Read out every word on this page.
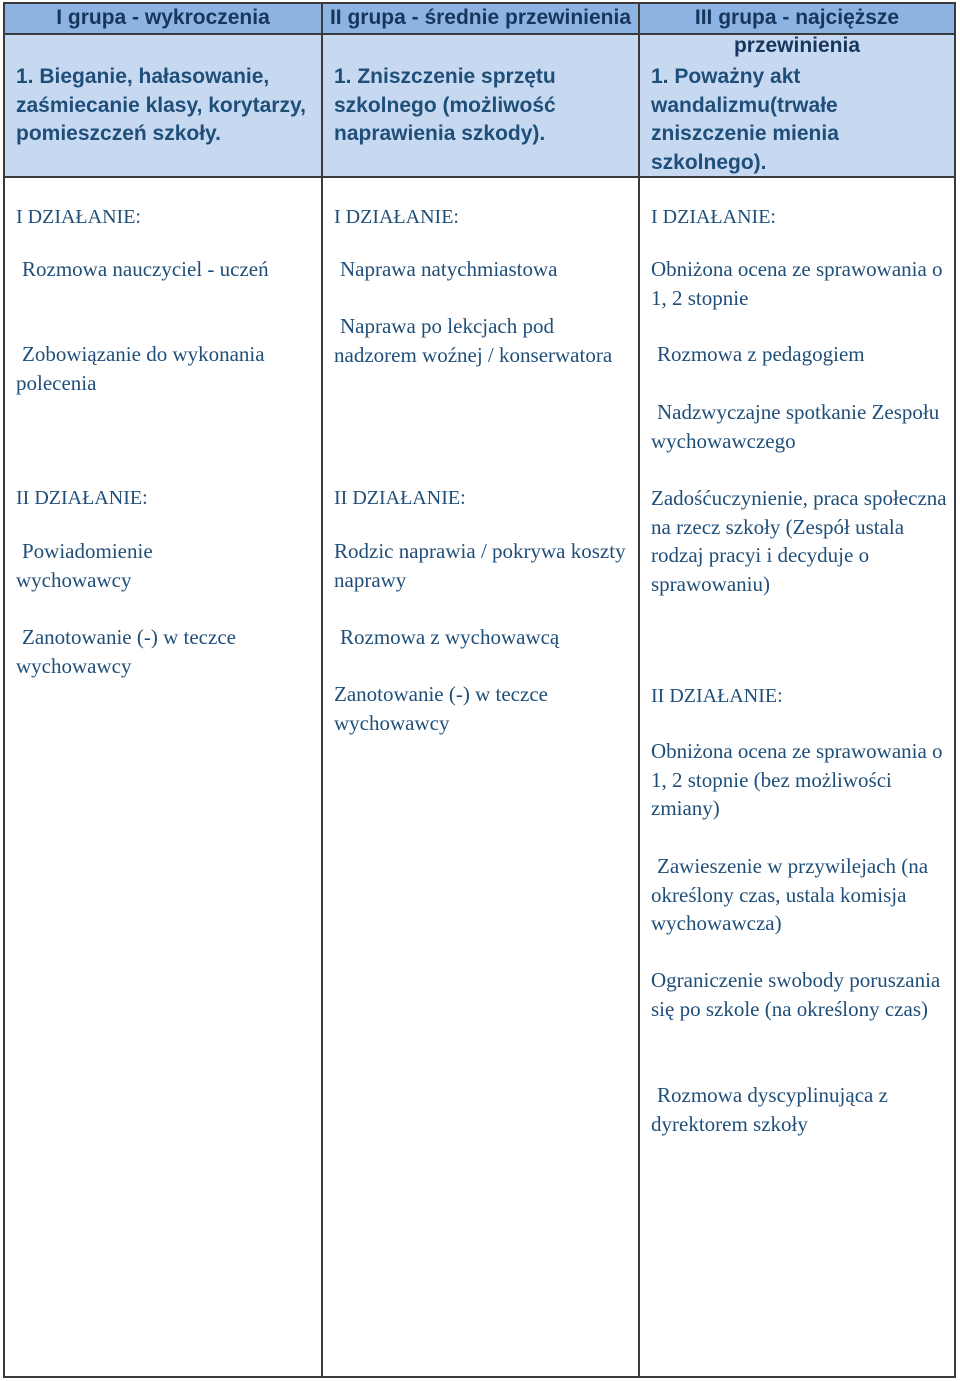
I grupa - wykroczenia
1. Bieganie, hałasowanie, zaśmiecanie klasy, korytarzy, pomieszczeń szkoły.
I DZIAŁANIE:
Rozmowa nauczyciel - uczeń
Zobowiązanie do wykonania polecenia
II DZIAŁANIE:
Powiadomienie wychowawcy
Zanotowanie (-) w teczce wychowawcy
II grupa - średnie przewinienia
1. Zniszczenie sprzętu szkolnego (możliwość naprawienia szkody).
I DZIAŁANIE:
Naprawa natychmiastowa
Naprawa po lekcjach pod nadzorem woźnej / konserwatora
II DZIAŁANIE:
Rodzic naprawia / pokrywa koszty naprawy
Rozmowa z wychowawcą
Zanotowanie (-) w teczce wychowawcy
III grupa - najcięższe przewinienia
1. Poważny akt wandalizmu(trwałe zniszczenie mienia szkolnego).
I DZIAŁANIE:
Obniżona ocena ze sprawowania o 1, 2 stopnie
Rozmowa z pedagogiem
Nadzwyczajne spotkanie Zespołu wychowawczego
Zadośćuczynienie, praca społeczna na rzecz szkoły (Zespół ustala rodzaj pracyi i decyduje o sprawowaniu)
II DZIAŁANIE:
Obniżona ocena ze sprawowania o 1, 2 stopnie (bez możliwości zmiany)
Zawieszenie w przywilejach (na określony czas, ustala komisja wychowawcza)
Ograniczenie swobody poruszania się po szkole (na określony czas)
Rozmowa dyscyplinująca z dyrektorem szkoły
